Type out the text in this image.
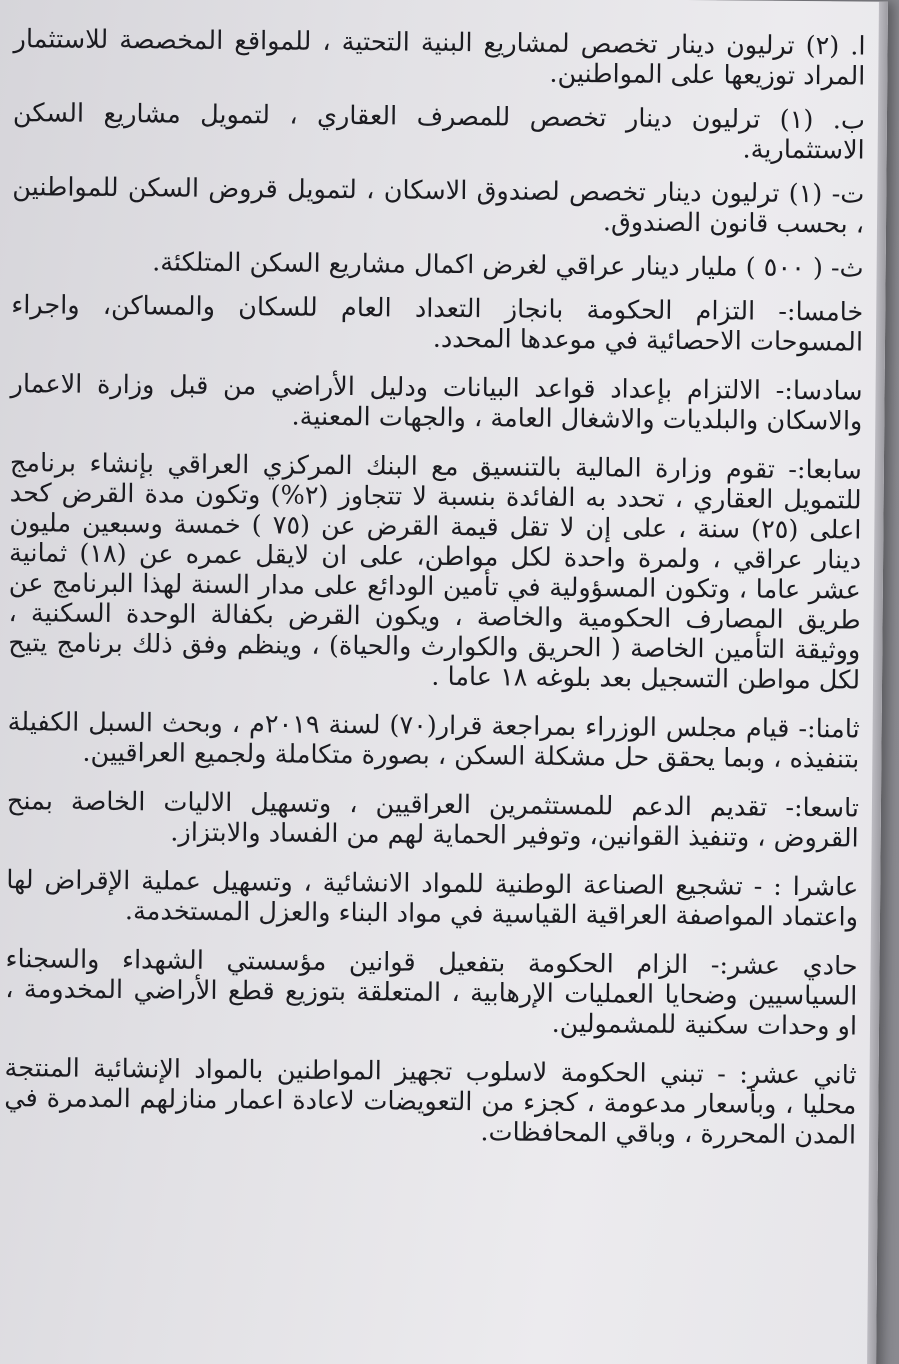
ا. (٢) ترليون دينار تخصص لمشاريع البنية التحتية ، للمواقع المخصصة للاستثمار المراد توزيعها على المواطنين.

ب. (١) ترليون دينار تخصص للمصرف العقاري ، لتمويل مشاريع السكن الاستثمارية.

ت- (١) ترليون دينار تخصص لصندوق الاسكان ، لتمويل قروض السكن للمواطنين ، بحسب قانون الصندوق.

ث- ( ٥٠٠ ) مليار دينار عراقي لغرض اكمال مشاريع السكن المتلكئة.

خامسا:- التزام الحكومة بانجاز التعداد العام للسكان والمساكن، واجراء المسوحات الاحصائية في موعدها المحدد.

سادسا:- الالتزام بإعداد قواعد البيانات ودليل الأراضي من قبل وزارة الاعمار والاسكان والبلديات والاشغال العامة ، والجهات المعنية.

سابعا:- تقوم وزارة المالية بالتنسيق مع البنك المركزي العراقي بإنشاء برنامج للتمويل العقاري ، تحدد به الفائدة بنسبة لا تتجاوز (٢%) وتكون مدة القرض كحد اعلى (٢٥) سنة ، على إن لا تقل قيمة القرض عن (٧٥ ) خمسة وسبعين مليون دينار عراقي ، ولمرة واحدة لكل مواطن، على ان لايقل عمره عن (١٨) ثمانية عشر عاما ، وتكون المسؤولية في تأمين الودائع على مدار السنة لهذا البرنامج عن طريق المصارف الحكومية والخاصة ، ويكون القرض بكفالة الوحدة السكنية ، ووثيقة التأمين الخاصة ( الحريق والكوارث والحياة) ، وينظم وفق ذلك برنامج يتيح لكل مواطن التسجيل بعد بلوغه ١٨ عاما .

ثامنا:- قيام مجلس الوزراء بمراجعة قرار(٧٠) لسنة ٢٠١٩م ، وبحث السبل الكفيلة بتنفيذه ، وبما يحقق حل مشكلة السكن ، بصورة متكاملة ولجميع العراقيين.

تاسعا:- تقديم الدعم للمستثمرين العراقيين ، وتسهيل الاليات الخاصة بمنح القروض ، وتنفيذ القوانين، وتوفير الحماية لهم من الفساد والابتزاز.

عاشرا : - تشجيع الصناعة الوطنية للمواد الانشائية ، وتسهيل عملية الإقراض لها واعتماد المواصفة العراقية القياسية في مواد البناء والعزل المستخدمة.

حادي عشر:- الزام الحكومة بتفعيل قوانين مؤسستي الشهداء والسجناء السياسيين وضحايا العمليات الإرهابية ، المتعلقة بتوزيع قطع الأراضي المخدومة ، او وحدات سكنية للمشمولين.

ثاني عشر: - تبني الحكومة لاسلوب تجهيز المواطنين بالمواد الإنشائية المنتجة محليا ، وبأسعار مدعومة ، كجزء من التعويضات لاعادة اعمار منازلهم المدمرة في المدن المحررة ، وباقي المحافظات.
